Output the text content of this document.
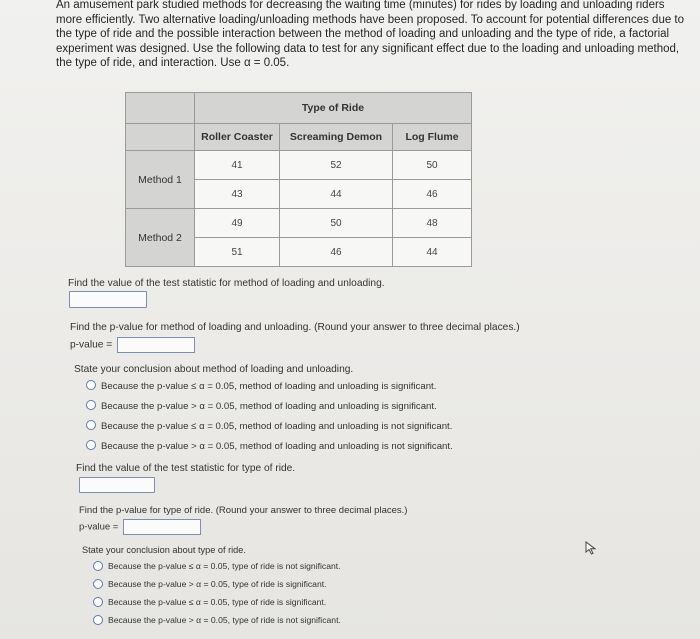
An amusement park studied methods for decreasing the waiting time (minutes) for rides by loading and unloading riders more efficiently. Two alternative loading/unloading methods have been proposed. To account for potential differences due to the type of ride and the possible interaction between the method of loading and unloading and the type of ride, a factorial experiment was designed. Use the following data to test for any significant effect due to the loading and unloading method, the type of ride, and interaction. Use α = 0.05.
	Type of Ride		
	Roller Coaster	Screaming Demon	Log Flume
Method 1	41	52	50
	43	44	46
Method 2	49	50	48
	51	46	44
Find the value of the test statistic for method of loading and unloading.
Find the p-value for method of loading and unloading. (Round your answer to three decimal places.)
p-value =
State your conclusion about method of loading and unloading.
Because the p-value ≤ α = 0.05, method of loading and unloading is significant.
Because the p-value > α = 0.05, method of loading and unloading is significant.
Because the p-value ≤ α = 0.05, method of loading and unloading is not significant.
Because the p-value > α = 0.05, method of loading and unloading is not significant.
Find the value of the test statistic for type of ride.
Find the p-value for type of ride. (Round your answer to three decimal places.)
p-value =
State your conclusion about type of ride.
Because the p-value ≤ α = 0.05, type of ride is not significant.
Because the p-value > α = 0.05, type of ride is significant.
Because the p-value ≤ α = 0.05, type of ride is significant.
Because the p-value > α = 0.05, type of ride is not significant.
